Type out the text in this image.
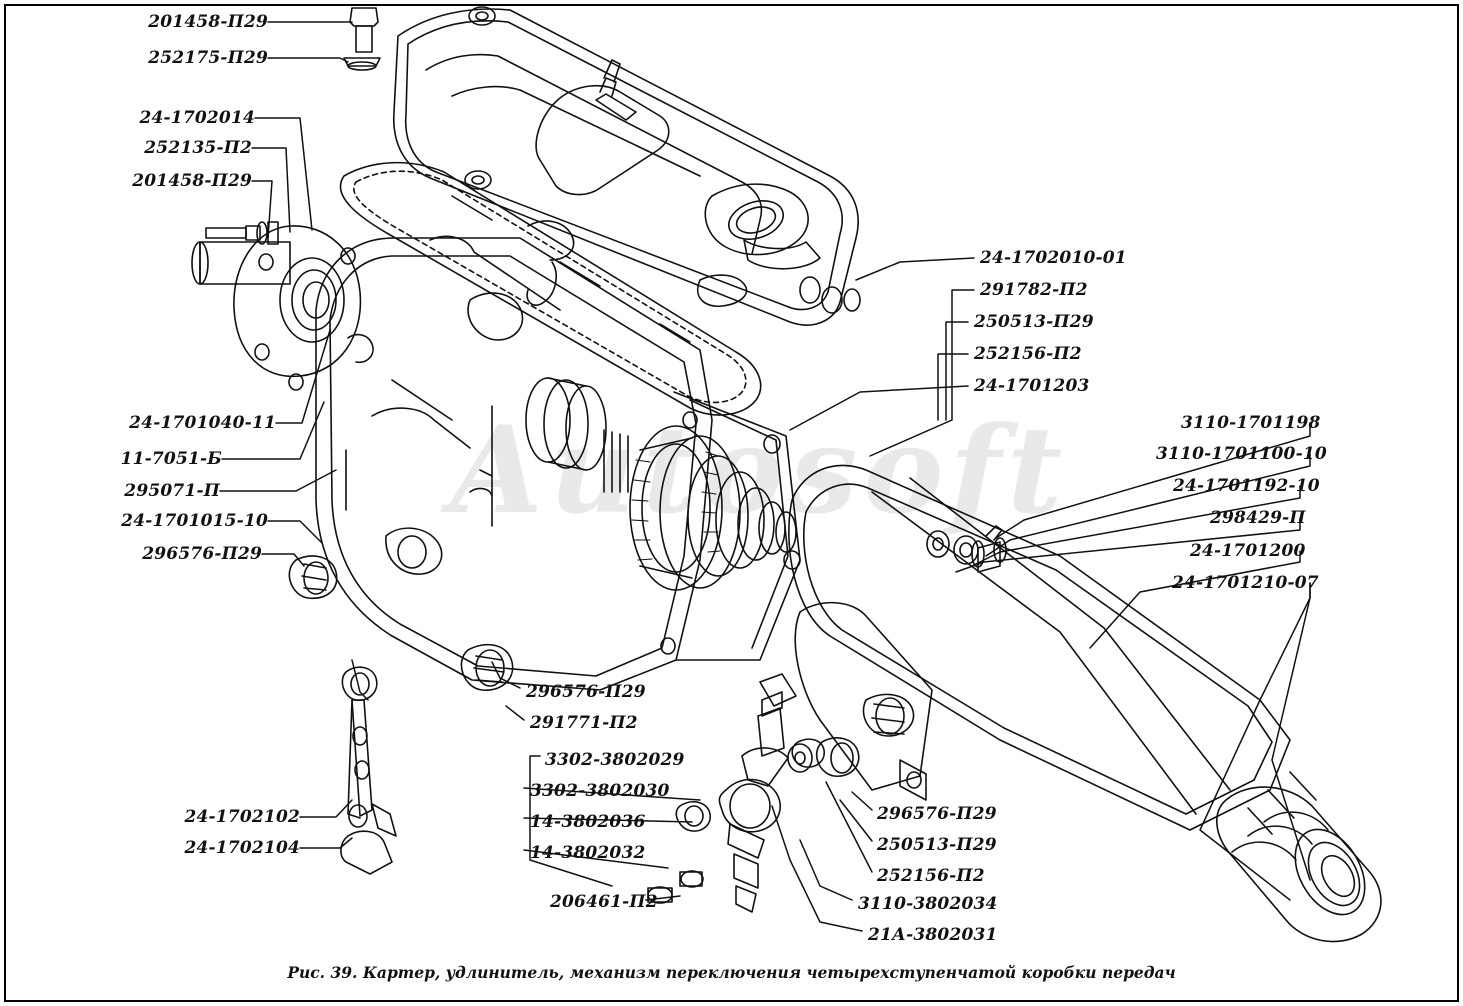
Autosoft
201458-П29
252175-П29
24-1702014
252135-П2
201458-П29
24-1701040-11
11-7051-Б
295071-П
24-1701015-10
296576-П29
24-1702102
24-1702104
296576-П29
291771-П2
3302-3802029
3302-3802030
14-3802036
14-3802032
206461-П2
296576-П29
250513-П29
252156-П2
3110-3802034
21А-3802031
24-1702010-01
291782-П2
250513-П29
252156-П2
24-1701203
3110-1701198
3110-1701100-10
24-1701192-10
298429-П
24-1701200
24-1701210-07
Рис. 39. Картер, удлинитель, механизм переключения четырехступенчатой коробки передач
